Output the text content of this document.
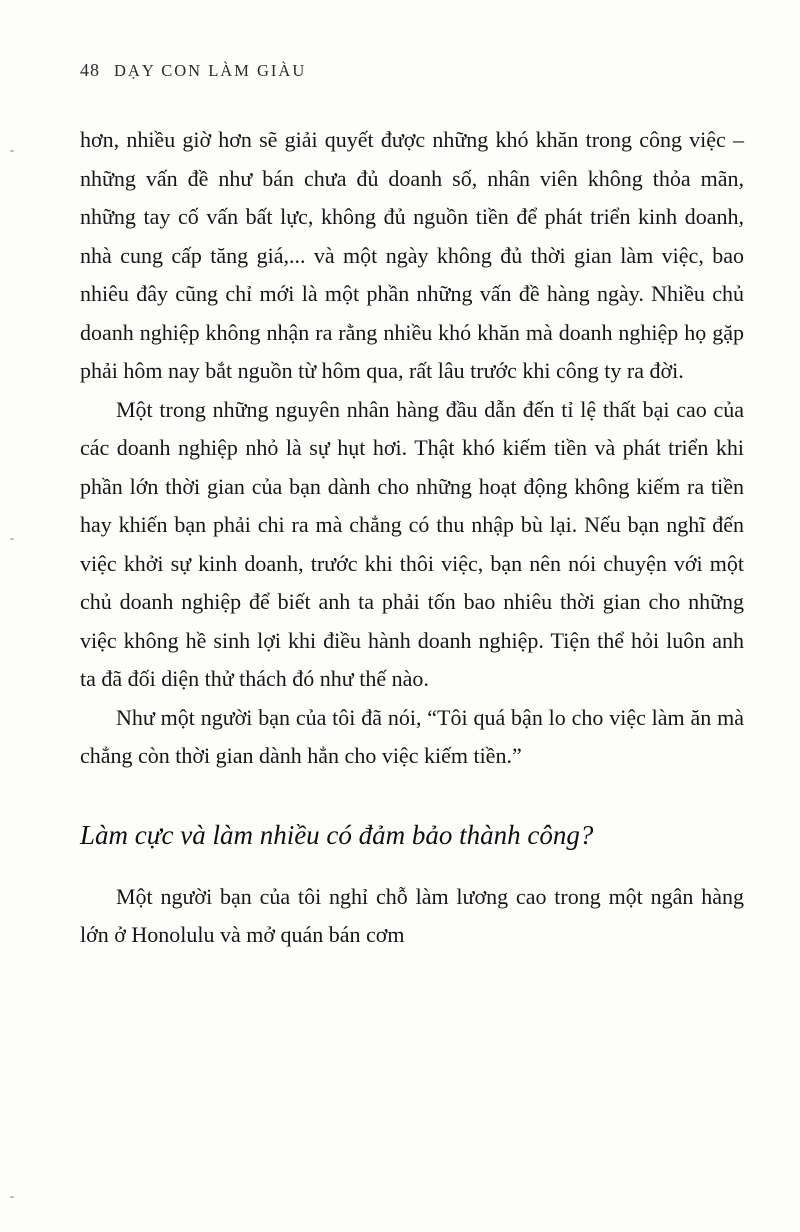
48 DẠY CON LÀM GIÀU

hơn, nhiều giờ hơn sẽ giải quyết được những khó khăn trong công việc – những vấn đề như bán chưa đủ doanh số, nhân viên không thỏa mãn, những tay cố vấn bất lực, không đủ nguồn tiền để phát triển kinh doanh, nhà cung cấp tăng giá,... và một ngày không đủ thời gian làm việc, bao nhiêu đây cũng chỉ mới là một phần những vấn đề hàng ngày. Nhiều chủ doanh nghiệp không nhận ra rằng nhiều khó khăn mà doanh nghiệp họ gặp phải hôm nay bắt nguồn từ hôm qua, rất lâu trước khi công ty ra đời.

Một trong những nguyên nhân hàng đầu dẫn đến tỉ lệ thất bại cao của các doanh nghiệp nhỏ là sự hụt hơi. Thật khó kiếm tiền và phát triển khi phần lớn thời gian của bạn dành cho những hoạt động không kiếm ra tiền hay khiến bạn phải chi ra mà chẳng có thu nhập bù lại. Nếu bạn nghĩ đến việc khởi sự kinh doanh, trước khi thôi việc, bạn nên nói chuyện với một chủ doanh nghiệp để biết anh ta phải tốn bao nhiêu thời gian cho những việc không hề sinh lợi khi điều hành doanh nghiệp. Tiện thể hỏi luôn anh ta đã đối diện thử thách đó như thế nào.

Như một người bạn của tôi đã nói, “Tôi quá bận lo cho việc làm ăn mà chẳng còn thời gian dành hẳn cho việc kiếm tiền.”

Làm cực và làm nhiều có đảm bảo thành công?

Một người bạn của tôi nghỉ chỗ làm lương cao trong một ngân hàng lớn ở Honolulu và mở quán bán cơm
